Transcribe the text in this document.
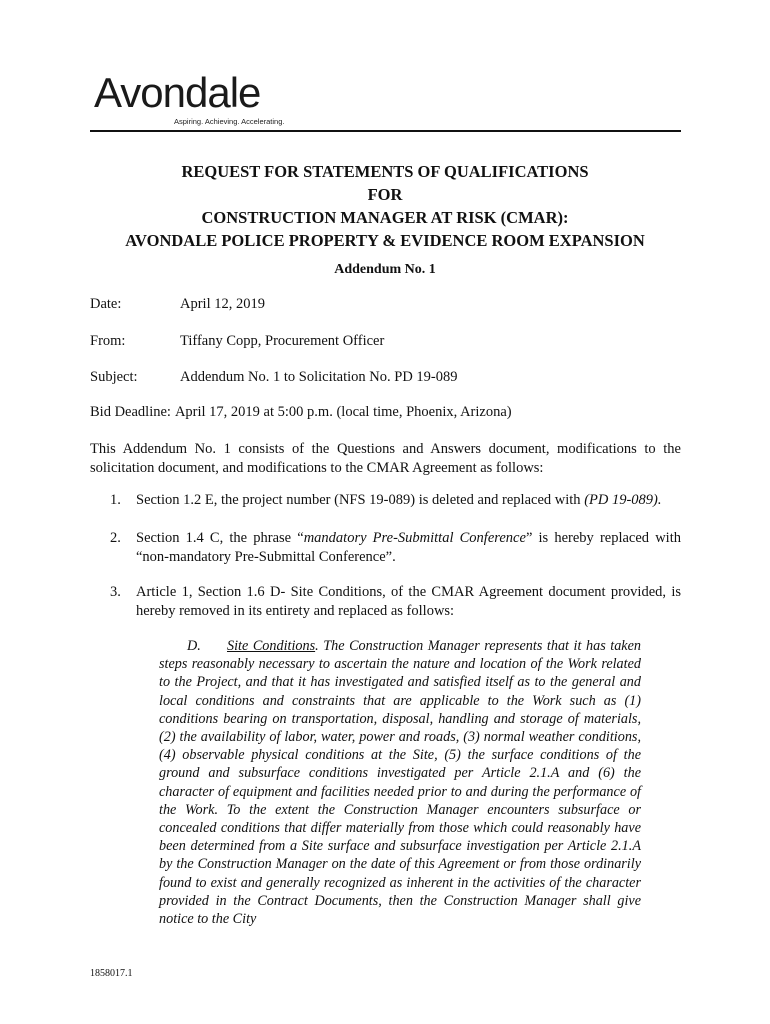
Avondale
Aspiring. Achieving. Accelerating.
REQUEST FOR STATEMENTS OF QUALIFICATIONS
FOR
CONSTRUCTION MANAGER AT RISK (CMAR):
AVONDALE POLICE PROPERTY & EVIDENCE ROOM EXPANSION
Addendum No. 1
Date:	April 12, 2019
From:	Tiffany Copp, Procurement Officer
Subject:	Addendum No. 1 to Solicitation No. PD 19-089
Bid Deadline: April 17, 2019 at 5:00 p.m. (local time, Phoenix, Arizona)
This Addendum No. 1 consists of the Questions and Answers document, modifications to the solicitation document, and modifications to the CMAR Agreement as follows:
1. Section 1.2 E, the project number (NFS 19-089) is deleted and replaced with (PD 19-089).
2. Section 1.4 C, the phrase “mandatory Pre-Submittal Conference” is hereby replaced with “non-mandatory Pre-Submittal Conference”.
3. Article 1, Section 1.6 D- Site Conditions, of the CMAR Agreement document provided, is hereby removed in its entirety and replaced as follows:
D. Site Conditions. The Construction Manager represents that it has taken steps reasonably necessary to ascertain the nature and location of the Work related to the Project, and that it has investigated and satisfied itself as to the general and local conditions and constraints that are applicable to the Work such as (1) conditions bearing on transportation, disposal, handling and storage of materials, (2) the availability of labor, water, power and roads, (3) normal weather conditions, (4) observable physical conditions at the Site, (5) the surface conditions of the ground and subsurface conditions investigated per Article 2.1.A and (6) the character of equipment and facilities needed prior to and during the performance of the Work. To the extent the Construction Manager encounters subsurface or concealed conditions that differ materially from those which could reasonably have been determined from a Site surface and subsurface investigation per Article 2.1.A by the Construction Manager on the date of this Agreement or from those ordinarily found to exist and generally recognized as inherent in the activities of the character provided in the Contract Documents, then the Construction Manager shall give notice to the City
1858017.1
